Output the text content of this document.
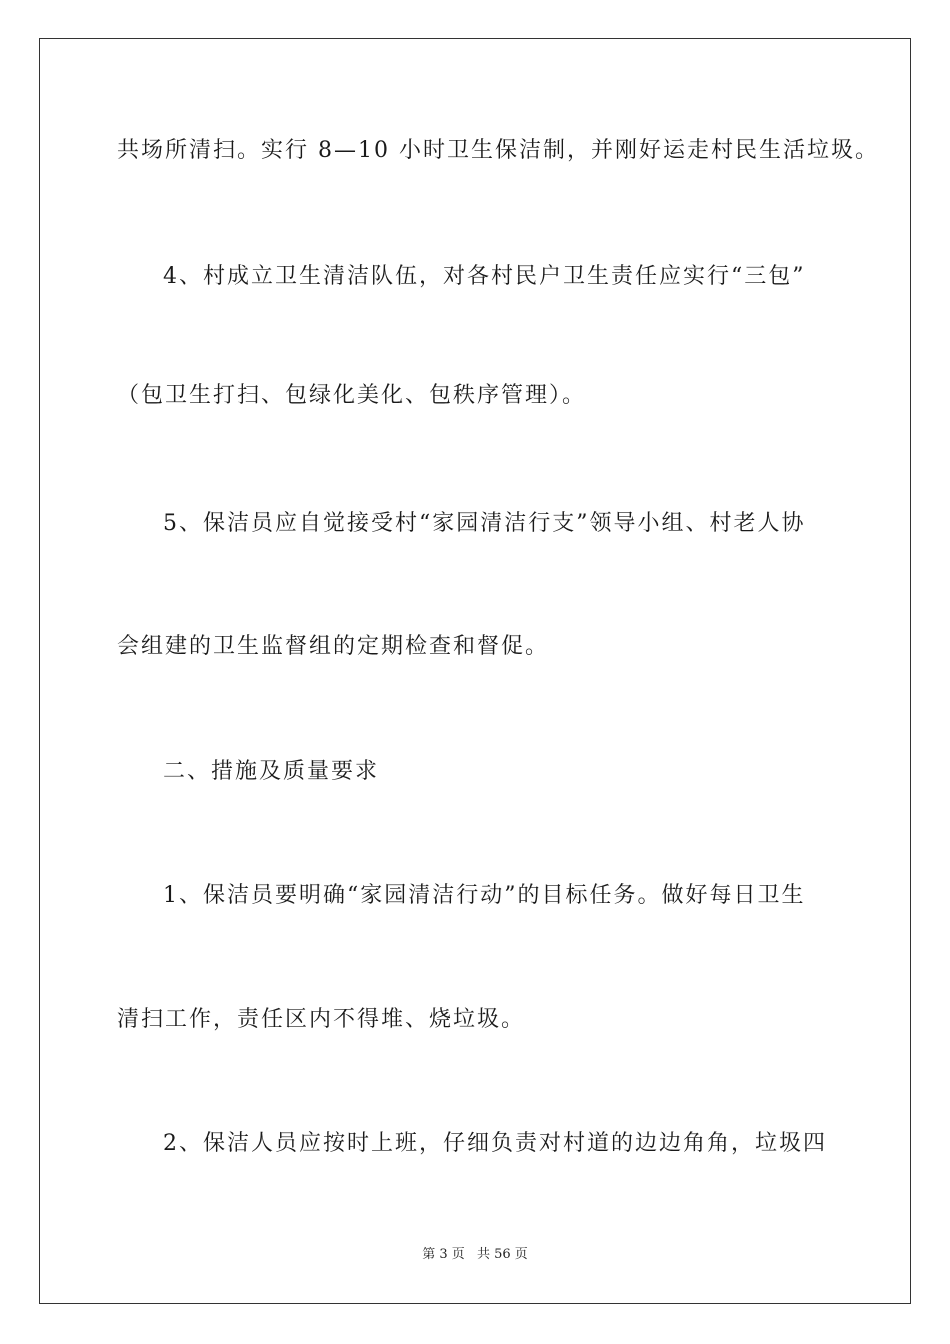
共场所清扫。实行 8—10 小时卫生保洁制，并刚好运走村民生活垃圾。
4、村成立卫生清洁队伍，对各村民户卫生责任应实行“三包”
（包卫生打扫、包绿化美化、包秩序管理）。
5、保洁员应自觉接受村“家园清洁行支”领导小组、村老人协
会组建的卫生监督组的定期检查和督促。
二、措施及质量要求
1、保洁员要明确“家园清洁行动”的目标任务。做好每日卫生
清扫工作，责任区内不得堆、烧垃圾。
2、保洁人员应按时上班，仔细负责对村道的边边角角，垃圾四
第 3 页 共 56 页
